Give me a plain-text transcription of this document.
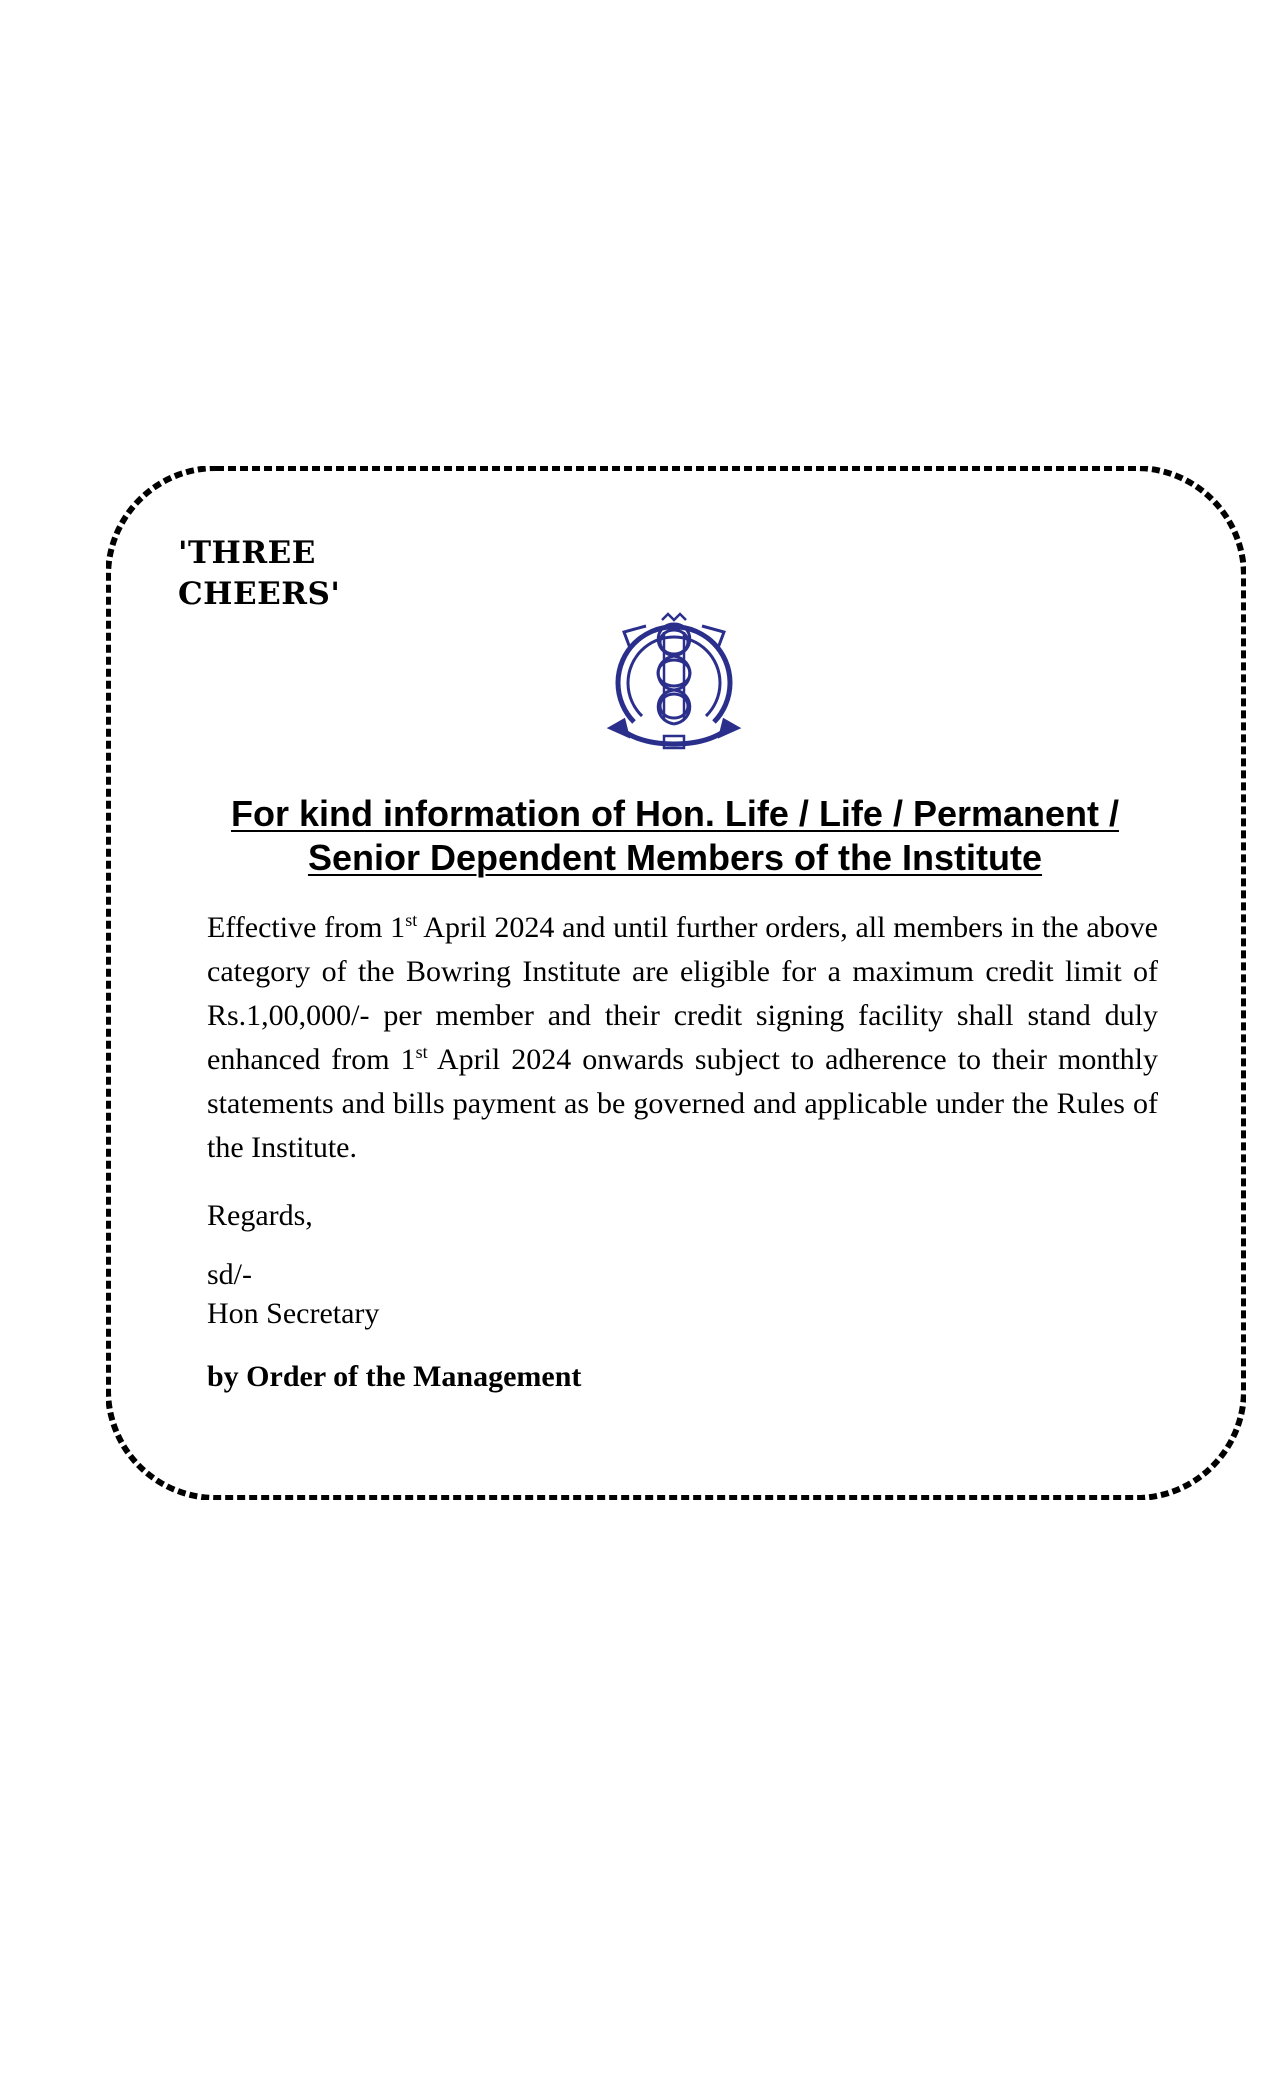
'THREE
CHEERS'
For kind information of Hon. Life / Life / Permanent /
Senior Dependent Members of the Institute
Effective from 1st April 2024 and until further orders, all members in the above category of the Bowring Institute are eligible for a maximum credit limit of Rs.1,00,000/- per member and their credit signing facility shall stand duly enhanced from 1st April 2024 onwards subject to adherence to their monthly statements and bills payment as be governed and applicable under the Rules of the Institute.
Regards,
sd/-
Hon Secretary
by Order of the Management
